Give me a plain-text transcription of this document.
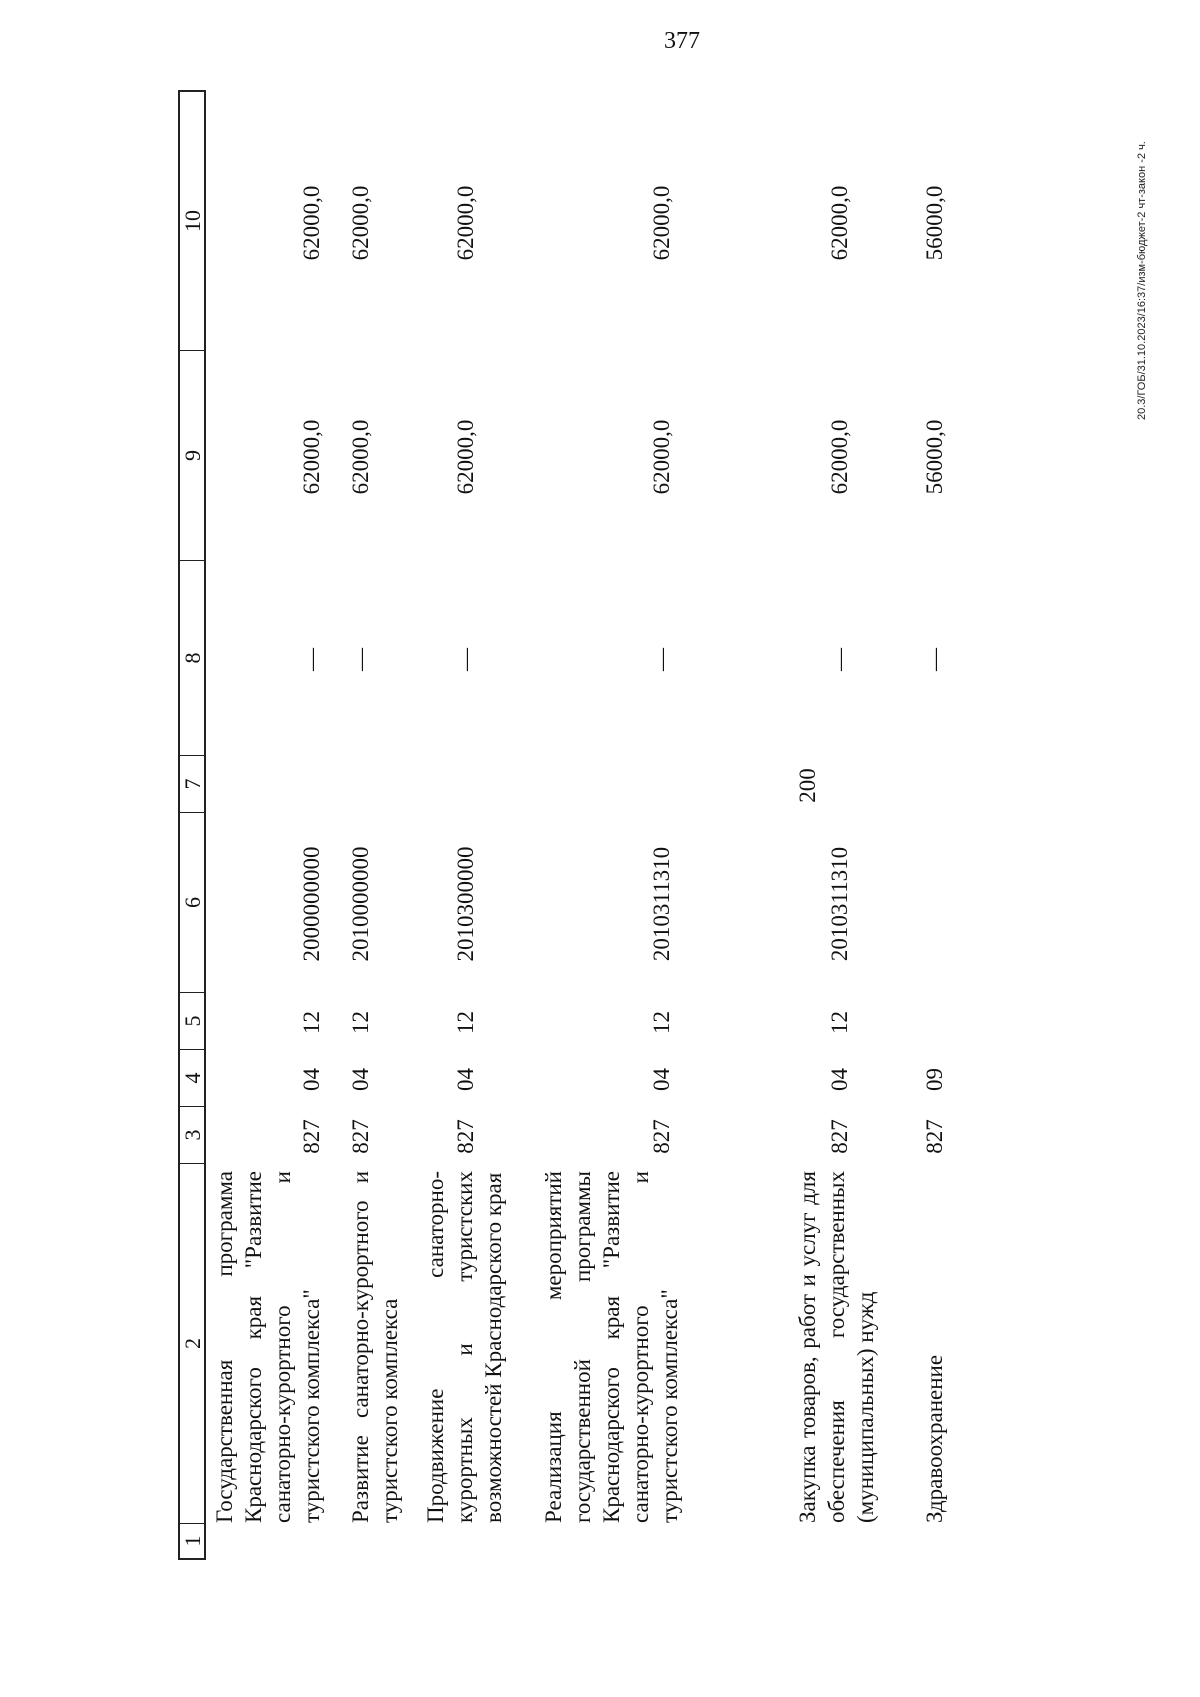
377
20.3/ГОБ/31.10.2023/16:37/изм-бюджет-2 чт-закон -2 ч.
1
2
3
4
5
6
7
8
9
10
Государственная программа Краснодарского края "Развитие санаторно-курортного и туристского комплекса"
827
04
12
2000000000
—
62000,0
62000,0
Развитие санаторно-курортного и туристского комплекса
827
04
12
2010000000
—
62000,0
62000,0
Продвижение санаторно-курортных и туристских возможностей Краснодарского края
827
04
12
2010300000
—
62000,0
62000,0
Реализация мероприятий государственной программы Краснодарского края "Развитие санаторно-курортного и туристского комплекса"
827
04
12
2010311310
—
62000,0
62000,0
Закупка товаров, работ и услуг для обеспечения государственных (муниципальных) нужд
827
04
12
2010311310
200
—
62000,0
62000,0
Здравоохранение
827
09
—
56000,0
56000,0
